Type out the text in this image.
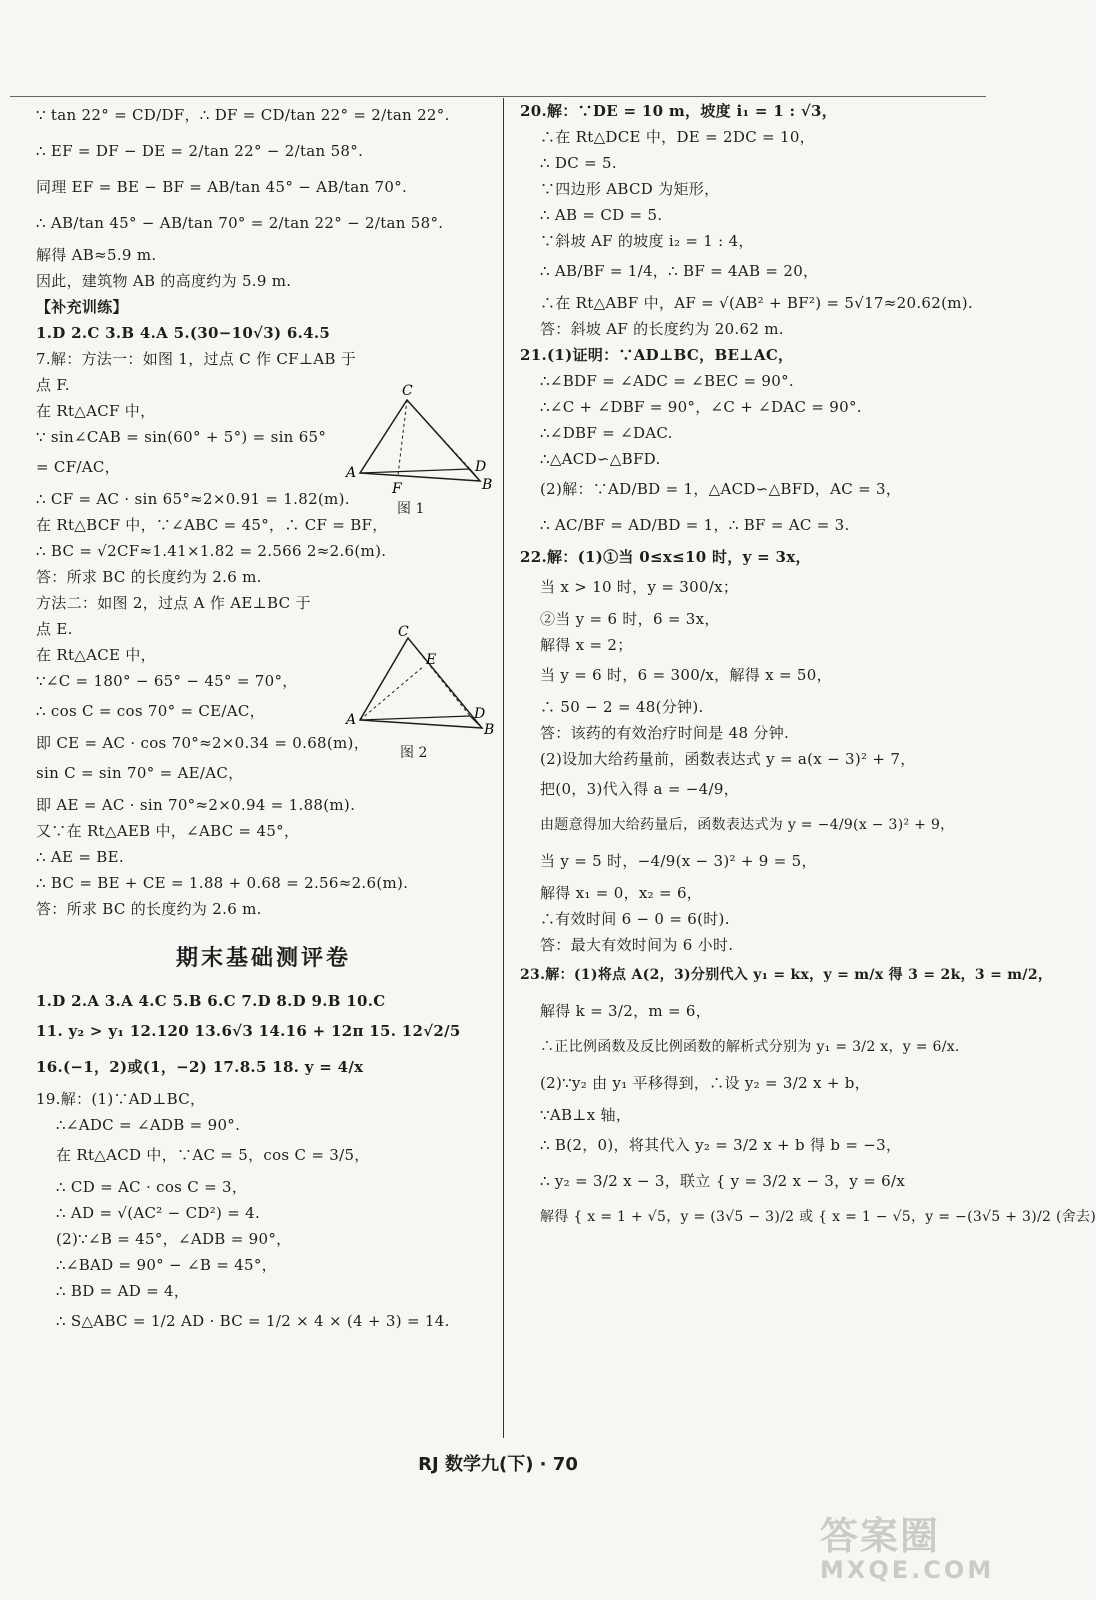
∵ tan 22° = CD/DF，∴ DF = CD/tan 22° = 2/tan 22°.
∴ EF = DF − DE = 2/tan 22° − 2/tan 58°.
同理 EF = BE − BF = AB/tan 45° − AB/tan 70°.
∴ AB/tan 45° − AB/tan 70° = 2/tan 22° − 2/tan 58°.
解得 AB≈5.9 m.
因此，建筑物 AB 的高度约为 5.9 m.
【补充训练】
1.D 2.C 3.B 4.A 5.(30−10√3) 6.4.5
7.解：方法一：如图 1，过点 C 作 CF⊥AB 于
点 F.
在 Rt△ACF 中，
∵ sin∠CAB = sin(60° + 5°) = sin 65°
= CF/AC，
∴ CF = AC · sin 65°≈2×0.91 = 1.82(m).
在 Rt△BCF 中，∵∠ABC = 45°，∴ CF = BF，
∴ BC = √2CF≈1.41×1.82 = 2.566 2≈2.6(m).
答：所求 BC 的长度约为 2.6 m.
方法二：如图 2，过点 A 作 AE⊥BC 于
点 E.
在 Rt△ACE 中，
∵∠C = 180° − 65° − 45° = 70°，
∴ cos C = cos 70° = CE/AC，
即 CE = AC · cos 70°≈2×0.34 = 0.68(m)，
sin C = sin 70° = AE/AC，
即 AE = AC · sin 70°≈2×0.94 = 1.88(m).
又∵在 Rt△AEB 中，∠ABC = 45°，
∴ AE = BE.
∴ BC = BE + CE = 1.88 + 0.68 = 2.56≈2.6(m).
答：所求 BC 的长度约为 2.6 m.
期末基础测评卷
1.D 2.A 3.A 4.C 5.B 6.C 7.D 8.D 9.B 10.C
11. y₂ > y₁ 12.120 13.6√3 14.16 + 12π 15. 12√2/5
16.(−1，2)或(1，−2) 17.8.5 18. y = 4/x
19.解：(1)∵AD⊥BC，
∴∠ADC = ∠ADB = 90°.
在 Rt△ACD 中，∵AC = 5，cos C = 3/5，
∴ CD = AC · cos C = 3，
∴ AD = √(AC² − CD²) = 4.
(2)∵∠B = 45°，∠ADB = 90°，
∴∠BAD = 90° − ∠B = 45°，
∴ BD = AD = 4，
∴ S△ABC = 1/2 AD · BC = 1/2 × 4 × (4 + 3) = 14.
C
A
F
D
B
图 1
C
E
A	D
B
图 2
20.解：∵DE = 10 m，坡度 i₁ = 1 : √3，
∴在 Rt△DCE 中，DE = 2DC = 10，
∴ DC = 5.
∵四边形 ABCD 为矩形，
∴ AB = CD = 5.
∵斜坡 AF 的坡度 i₂ = 1 : 4，
∴ AB/BF = 1/4，∴ BF = 4AB = 20，
∴在 Rt△ABF 中，AF = √(AB² + BF²) = 5√17≈20.62(m).
答：斜坡 AF 的长度约为 20.62 m.
21.(1)证明：∵AD⊥BC，BE⊥AC，
∴∠BDF = ∠ADC = ∠BEC = 90°.
∴∠C + ∠DBF = 90°，∠C + ∠DAC = 90°.
∴∠DBF = ∠DAC.
∴△ACD∽△BFD.
(2)解：∵AD/BD = 1，△ACD∽△BFD，AC = 3，
∴ AC/BF = AD/BD = 1，∴ BF = AC = 3.
22.解：(1)①当 0≤x≤10 时，y = 3x，
当 x > 10 时，y = 300/x；
②当 y = 6 时，6 = 3x，
解得 x = 2；
当 y = 6 时，6 = 300/x，解得 x = 50，
∴ 50 − 2 = 48(分钟).
答：该药的有效治疗时间是 48 分钟.
(2)设加大给药量前，函数表达式 y = a(x − 3)² + 7，
把(0，3)代入得 a = −4/9，
由题意得加大给药量后，函数表达式为 y = −4/9(x − 3)² + 9，
当 y = 5 时，−4/9(x − 3)² + 9 = 5，
解得 x₁ = 0，x₂ = 6，
∴有效时间 6 − 0 = 6(时).
答：最大有效时间为 6 小时.
23.解：(1)将点 A(2，3)分别代入 y₁ = kx，y = m/x 得 3 = 2k，3 = m/2，
解得 k = 3/2，m = 6，
∴正比例函数及反比例函数的解析式分别为 y₁ = 3/2 x，y = 6/x.
(2)∵y₂ 由 y₁ 平移得到，∴设 y₂ = 3/2 x + b，
∵AB⊥x 轴，
∴ B(2，0)，将其代入 y₂ = 3/2 x + b 得 b = −3，
∴ y₂ = 3/2 x − 3，联立 { y = 3/2 x − 3，y = 6/x
解得 { x = 1 + √5，y = (3√5 − 3)/2 或 { x = 1 − √5，y = −(3√5 + 3)/2 (舍去)
RJ 数学九(下) · 70
答案圈
MXQE.COM
